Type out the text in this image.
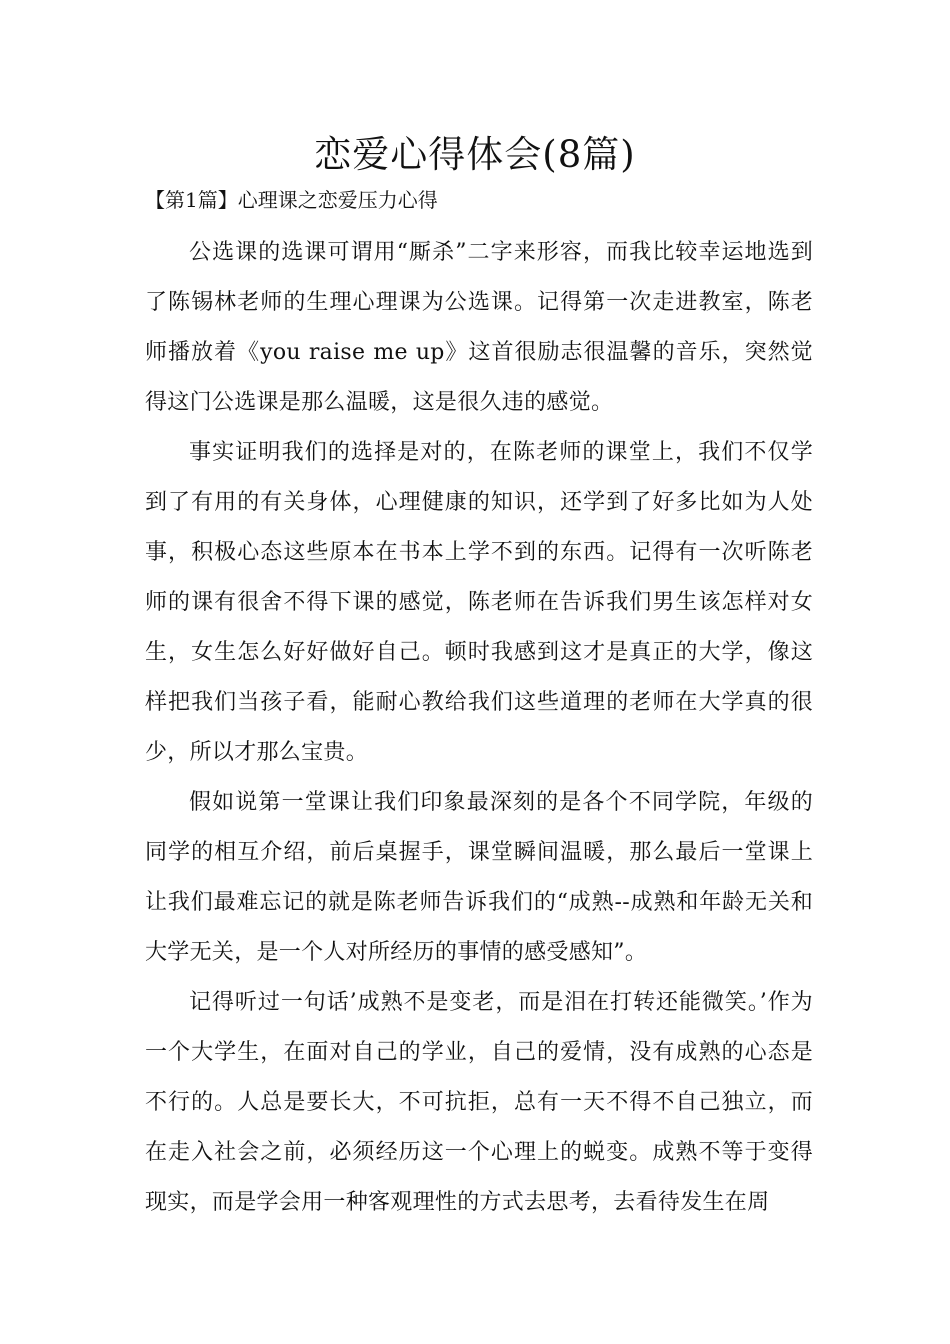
恋爱心得体会(8篇)
【第1篇】心理课之恋爱压力心得

公选课的选课可谓用“厮杀”二字来形容，而我比较幸运地选到了陈锡林老师的生理心理课为公选课。记得第一次走进教室，陈老师播放着《you raise me up》这首很励志很温馨的音乐，突然觉得这门公选课是那么温暖，这是很久违的感觉。

事实证明我们的选择是对的，在陈老师的课堂上，我们不仅学到了有用的有关身体，心理健康的知识，还学到了好多比如为人处事，积极心态这些原本在书本上学不到的东西。记得有一次听陈老师的课有很舍不得下课的感觉，陈老师在告诉我们男生该怎样对女生，女生怎么好好做好自己。顿时我感到这才是真正的大学，像这样把我们当孩子看，能耐心教给我们这些道理的老师在大学真的很少，所以才那么宝贵。

假如说第一堂课让我们印象最深刻的是各个不同学院，年级的同学的相互介绍，前后桌握手，课堂瞬间温暖，那么最后一堂课上让我们最难忘记的就是陈老师告诉我们的“成熟--成熟和年龄无关和大学无关，是一个人对所经历的事情的感受感知”。

记得听过一句话’成熟不是变老，而是泪在打转还能微笑。’作为一个大学生，在面对自己的学业，自己的爱情，没有成熟的心态是不行的。人总是要长大，不可抗拒，总有一天不得不自己独立，而在走入社会之前，必须经历这一个心理上的蜕变。成熟不等于变得现实，而是学会用一种客观理性的方式去思考，去看待发生在周
